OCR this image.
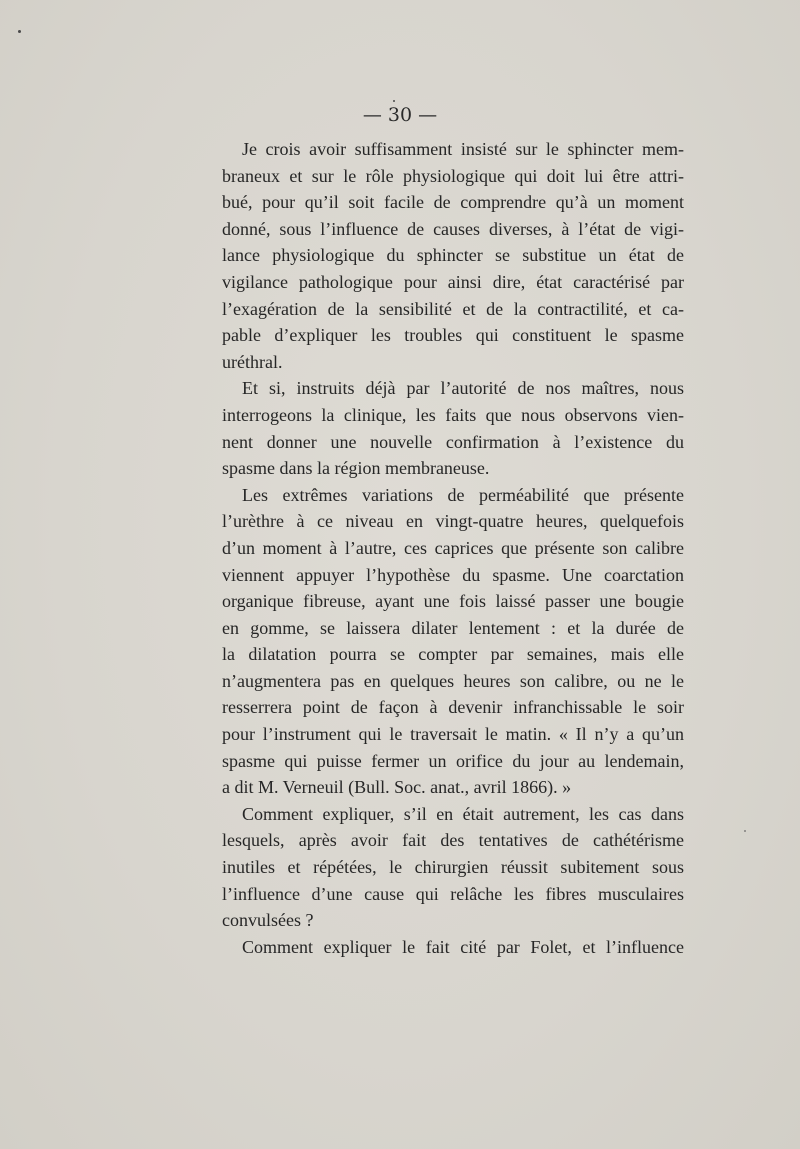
— 30 —
Je crois avoir suffisamment insisté sur le sphincter mem-
braneux et sur le rôle physiologique qui doit lui être attri-
bué, pour qu’il soit facile de comprendre qu’à un moment
donné, sous l’influence de causes diverses, à l’état de vigi-
lance physiologique du sphincter se substitue un état de
vigilance pathologique pour ainsi dire, état caractérisé par
l’exagération de la sensibilité et de la contractilité, et ca-
pable d’expliquer les troubles qui constituent le spasme
uréthral.
Et si, instruits déjà par l’autorité de nos maîtres, nous
interrogeons la clinique, les faits que nous observons vien-
nent donner une nouvelle confirmation à l’existence du
spasme dans la région membraneuse.
Les extrêmes variations de perméabilité que présente
l’urèthre à ce niveau en vingt-quatre heures, quelquefois
d’un moment à l’autre, ces caprices que présente son calibre
viennent appuyer l’hypothèse du spasme. Une coarctation
organique fibreuse, ayant une fois laissé passer une bougie
en gomme, se laissera dilater lentement : et la durée de
la dilatation pourra se compter par semaines, mais elle
n’augmentera pas en quelques heures son calibre, ou ne le
resserrera point de façon à devenir infranchissable le soir
pour l’instrument qui le traversait le matin. « Il n’y a qu’un
spasme qui puisse fermer un orifice du jour au lendemain,
a dit M. Verneuil (Bull. Soc. anat., avril 1866). »
Comment expliquer, s’il en était autrement, les cas dans
lesquels, après avoir fait des tentatives de cathétérisme
inutiles et répétées, le chirurgien réussit subitement sous
l’influence d’une cause qui relâche les fibres musculaires
convulsées ?
Comment expliquer le fait cité par Folet, et l’influence
